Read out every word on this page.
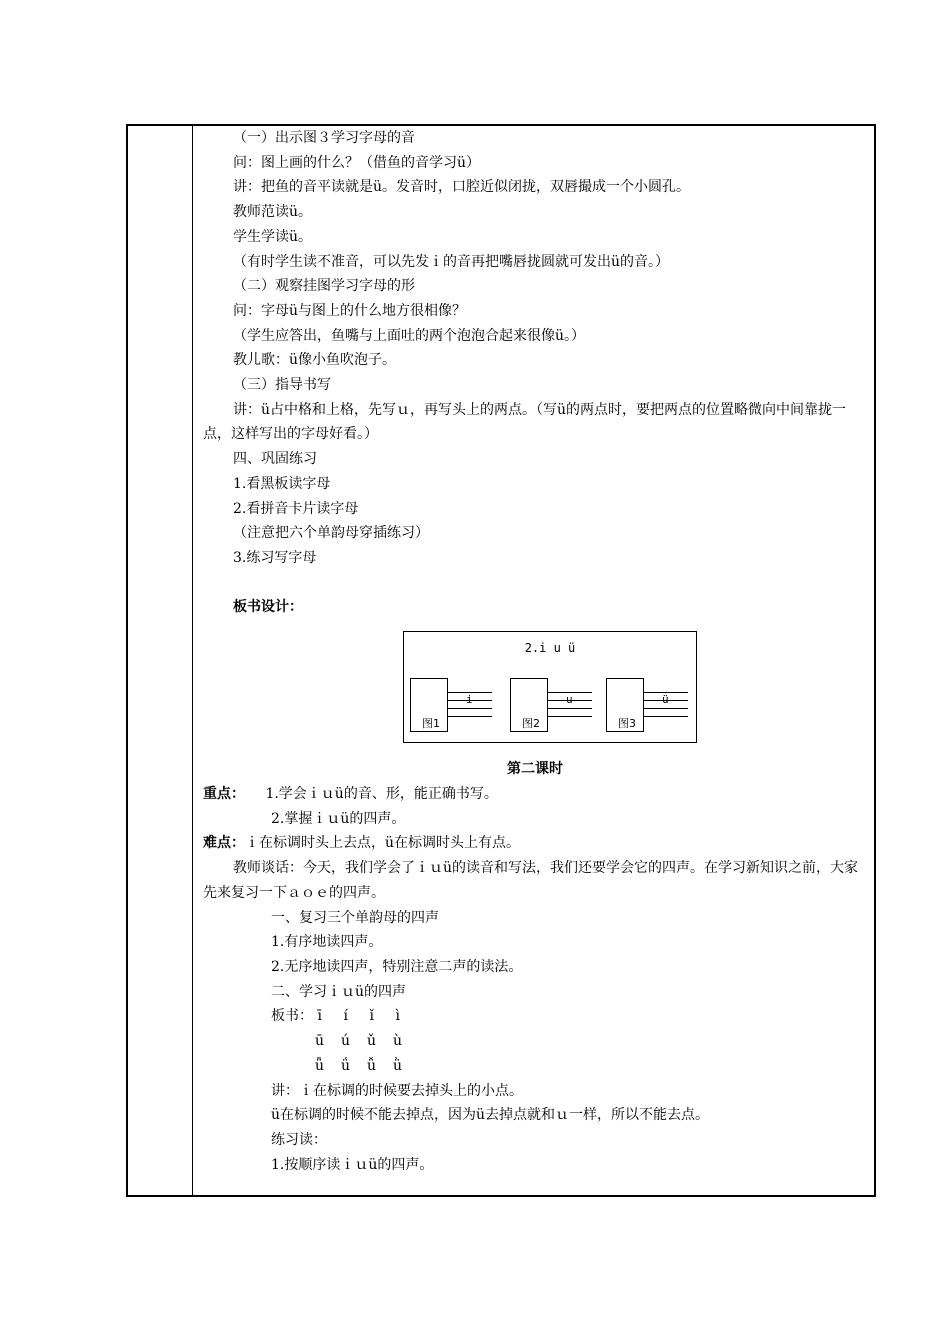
（一）出示图３学习字母的音
问：图上画的什么？（借鱼的音学习ü）
讲：把鱼的音平读就是ü。发音时，口腔近似闭拢，双唇撮成一个小圆孔。
教师范读ü。
学生学读ü。
（有时学生读不准音，可以先发ｉ的音再把嘴唇拢圆就可发出ü的音。）
（二）观察挂图学习字母的形
问：字母ü与图上的什么地方很相像？
（学生应答出，鱼嘴与上面吐的两个泡泡合起来很像ü。）
教儿歌：ü像小鱼吹泡子。
（三）指导书写
讲：ü占中格和上格，先写ｕ，再写头上的两点。（写ü的两点时，要把两点的位置略微向中间靠拢一点，这样写出的字母好看。）
四、巩固练习
1.看黑板读字母
2.看拼音卡片读字母
（注意把六个单韵母穿插练习）
3.练习写字母
板书设计：
2.i u ü
图1
i
图2
u
图3
ü
第二课时
重点： 1.学会ｉｕü的音、形，能正确书写。
2.掌握ｉｕü的四声。
难点：ｉ在标调时头上去点，ü在标调时头上有点。
教师谈话：今天，我们学会了ｉｕü的读音和写法，我们还要学会它的四声。在学习新知识之前，大家先来复习一下ａｏｅ的四声。
一、复习三个单韵母的四声
1.有序地读四声。
2.无序地读四声，特别注意二声的读法。
二、学习ｉｕü的四声
板书： ī í ǐ ì
ū ú ǔ ù
ǖ ǘ ǚ ǜ
讲：ｉ在标调的时候要去掉头上的小点。
ü在标调的时候不能去掉点，因为ü去掉点就和ｕ一样，所以不能去点。
练习读：
1.按顺序读ｉｕü的四声。
